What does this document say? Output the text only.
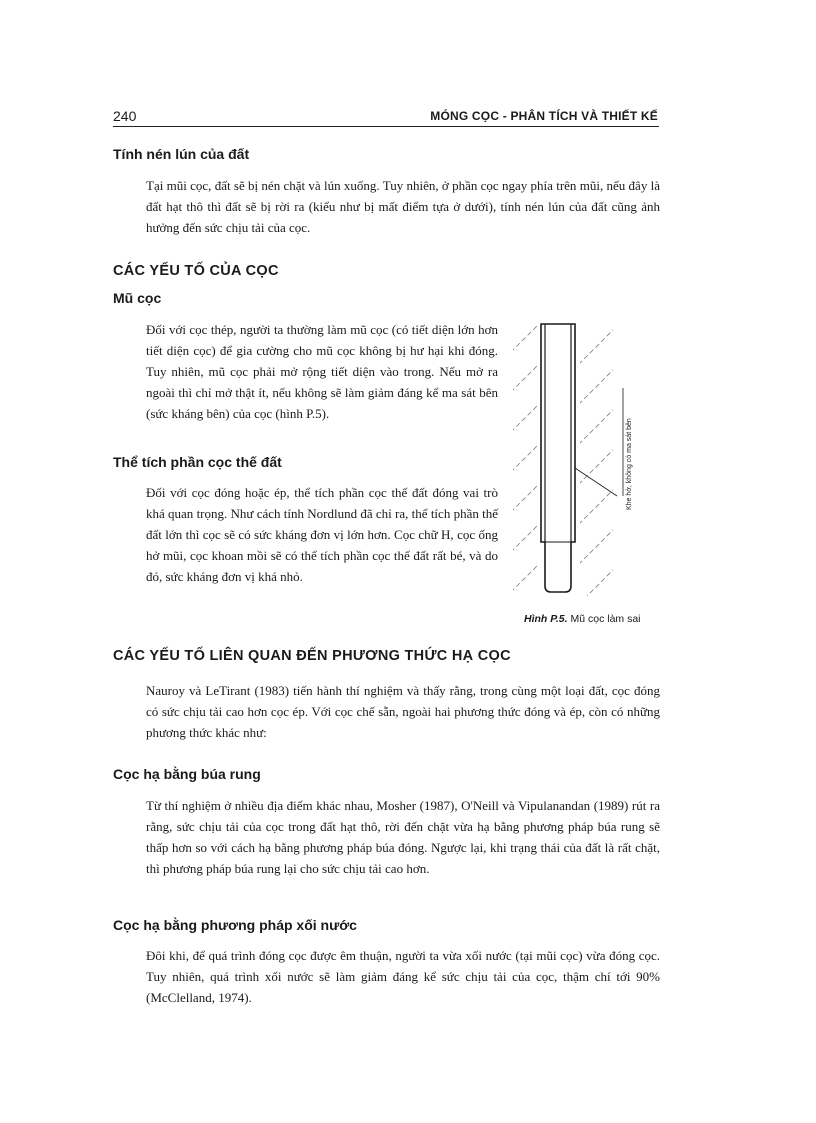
240	MÓNG CỌC - PHÂN TÍCH VÀ THIẾT KẾ
Tính nén lún của đất

Tại mũi cọc, đất sẽ bị nén chặt và lún xuống. Tuy nhiên, ở phần cọc ngay phía trên mũi, nếu đây là đất hạt thô thì đất sẽ bị rời ra (kiểu như bị mất điểm tựa ở dưới), tính nén lún của đất cũng ảnh hưởng đến sức chịu tải của cọc.

CÁC YẾU TỐ CỦA CỌC
Mũ cọc

Đối với cọc thép, người ta thường làm mũ cọc (có tiết diện lớn hơn tiết diện cọc) để gia cường cho mũ cọc không bị hư hại khi đóng. Tuy nhiên, mũ cọc phải mở rộng tiết diện vào trong. Nếu mở ra ngoài thì chỉ mở thật ít, nếu không sẽ làm giảm đáng kể ma sát bên (sức kháng bên) của cọc (hình P.5).

Thể tích phần cọc thế đất

Đối với cọc đóng hoặc ép, thể tích phần cọc thế đất đóng vai trò khá quan trọng. Như cách tính Nordlund đã chỉ ra, thể tích phần thế đất lớn thì cọc sẽ có sức kháng đơn vị lớn hơn. Cọc chữ H, cọc ống hở mũi, cọc khoan mồi sẽ có thể tích phần cọc thế đất rất bé, và do đó, sức kháng đơn vị khá nhỏ.

Khe hở, không có ma sát bên
Hình P.5. Mũ cọc làm sai
CÁC YẾU TỐ LIÊN QUAN ĐẾN PHƯƠNG THỨC HẠ CỌC

Nauroy và LeTirant (1983) tiến hành thí nghiệm và thấy rằng, trong cùng một loại đất, cọc đóng có sức chịu tải cao hơn cọc ép. Với cọc chế sẵn, ngoài hai phương thức đóng và ép, còn có những phương thức khác như:

Cọc hạ bằng búa rung

Từ thí nghiệm ở nhiều địa điểm khác nhau, Mosher (1987), O'Neill và Vipulanandan (1989) rút ra rằng, sức chịu tải của cọc trong đất hạt thô, rời đến chặt vừa hạ bằng phương pháp búa rung sẽ thấp hơn so với cách hạ bằng phương pháp búa đóng. Ngược lại, khi trạng thái của đất là rất chặt, thì phương pháp búa rung lại cho sức chịu tải cao hơn.

Cọc hạ bằng phương pháp xối nước

Đôi khi, để quá trình đóng cọc được êm thuận, người ta vừa xối nước (tại mũi cọc) vừa đóng cọc. Tuy nhiên, quá trình xối nước sẽ làm giảm đáng kể sức chịu tải của cọc, thậm chí tới 90% (McClelland, 1974).
